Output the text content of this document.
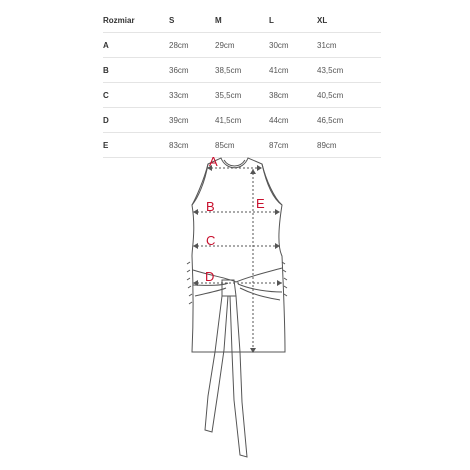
Rozmiar	S	M	L	XL
A	28cm	29cm	30cm	31cm
B	36cm	38,5cm	41cm	43,5cm
C	33cm	35,5cm	38cm	40,5cm
D	39cm	41,5cm	44cm	46,5cm
E	83cm	85cm	87cm	89cm
A
B
C
D
E
